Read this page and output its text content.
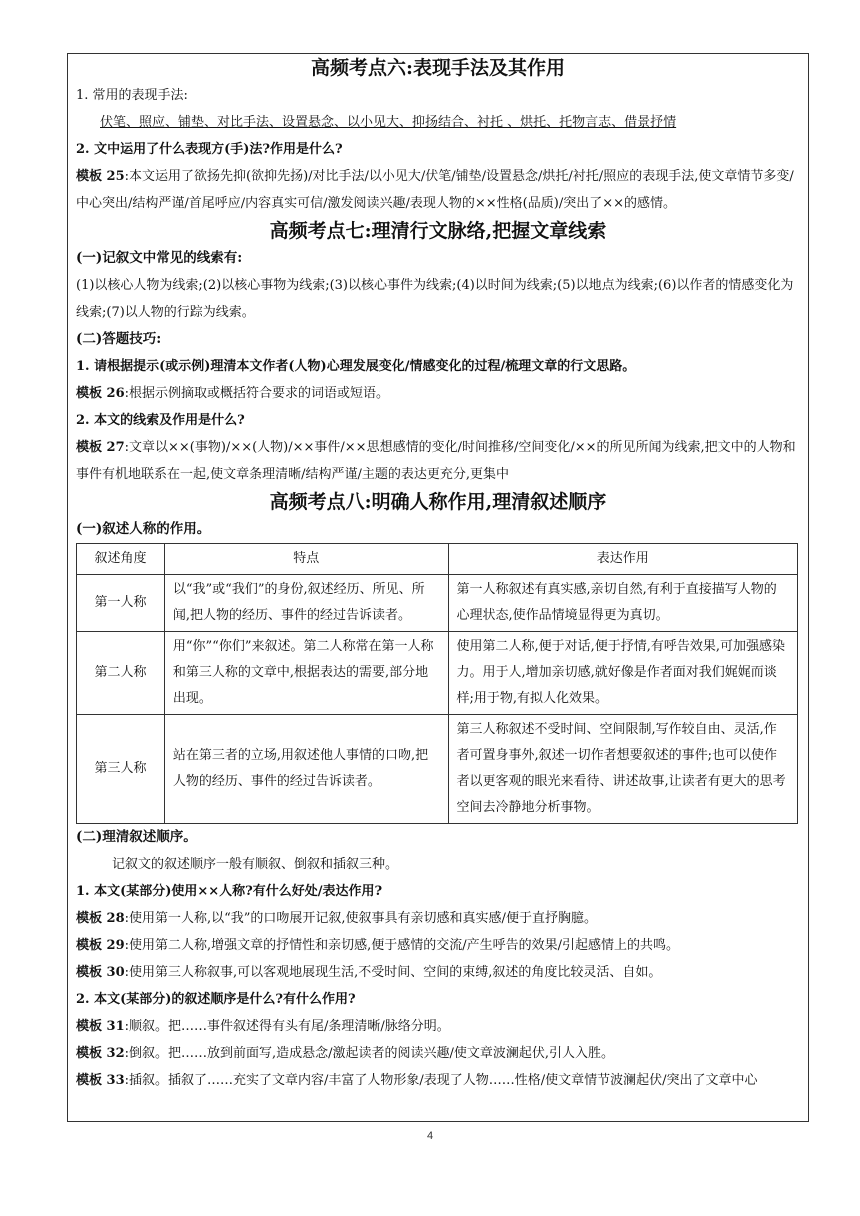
高频考点六:表现手法及其作用

1. 常用的表现手法:

伏笔、照应、铺垫、对比手法、设置悬念、以小见大、抑扬结合、衬托 、烘托、托物言志、借景抒情

2. 文中运用了什么表现方(手)法?作用是什么?

模板 25:本文运用了欲扬先抑(欲抑先扬)/对比手法/以小见大/伏笔/铺垫/设置悬念/烘托/衬托/照应的表现手法,使文章情节多变/中心突出/结构严谨/首尾呼应/内容真实可信/激发阅读兴趣/表现人物的××性格(品质)/突出了××的感情。

高频考点七:理清行文脉络,把握文章线索

(一)记叙文中常见的线索有:

(1)以核心人物为线索;(2)以核心事物为线索;(3)以核心事件为线索;(4)以时间为线索;(5)以地点为线索;(6)以作者的情感变化为线索;(7)以人物的行踪为线索。

(二)答题技巧:

1. 请根据提示(或示例)理清本文作者(人物)心理发展变化/情感变化的过程/梳理文章的行文思路。

模板 26:根据示例摘取或概括符合要求的词语或短语。

2. 本文的线索及作用是什么?

模板 27:文章以××(事物)/××(人物)/××事件/××思想感情的变化/时间推移/空间变化/××的所见所闻为线索,把文中的人物和事件有机地联系在一起,使文章条理清晰/结构严谨/主题的表达更充分,更集中

高频考点八:明确人称作用,理清叙述顺序

(一)叙述人称的作用。

叙述角度	特点	表达作用
第一人称	以“我”或“我们”的身份,叙述经历、所见、所闻,把人物的经历、事件的经过告诉读者。	第一人称叙述有真实感,亲切自然,有利于直接描写人物的心理状态,使作品情境显得更为真切。
第二人称	用“你”“你们”来叙述。第二人称常在第一人称和第三人称的文章中,根据表达的需要,部分地出现。	使用第二人称,便于对话,便于抒情,有呼告效果,可加强感染力。用于人,增加亲切感,就好像是作者面对我们娓娓而谈样;用于物,有拟人化效果。
第三人称	站在第三者的立场,用叙述他人事情的口吻,把人物的经历、事件的经过告诉读者。	第三人称叙述不受时间、空间限制,写作较自由、灵活,作者可置身事外,叙述一切作者想要叙述的事件;也可以使作者以更客观的眼光来看待、讲述故事,让读者有更大的思考空间去冷静地分析事物。

(二)理清叙述顺序。

记叙文的叙述顺序一般有顺叙、倒叙和插叙三种。

1. 本文(某部分)使用××人称?有什么好处/表达作用?

模板 28:使用第一人称,以“我”的口吻展开记叙,使叙事具有亲切感和真实感/便于直抒胸臆。

模板 29:使用第二人称,增强文章的抒情性和亲切感,便于感情的交流/产生呼告的效果/引起感情上的共鸣。

模板 30:使用第三人称叙事,可以客观地展现生活,不受时间、空间的束缚,叙述的角度比较灵活、自如。

2. 本文(某部分)的叙述顺序是什么?有什么作用?

模板 31:顺叙。把……事件叙述得有头有尾/条理清晰/脉络分明。

模板 32:倒叙。把……放到前面写,造成悬念/激起读者的阅读兴趣/使文章波澜起伏,引人入胜。

模板 33:插叙。插叙了……充实了文章内容/丰富了人物形象/表现了人物……性格/使文章情节波澜起伏/突出了文章中心

4
